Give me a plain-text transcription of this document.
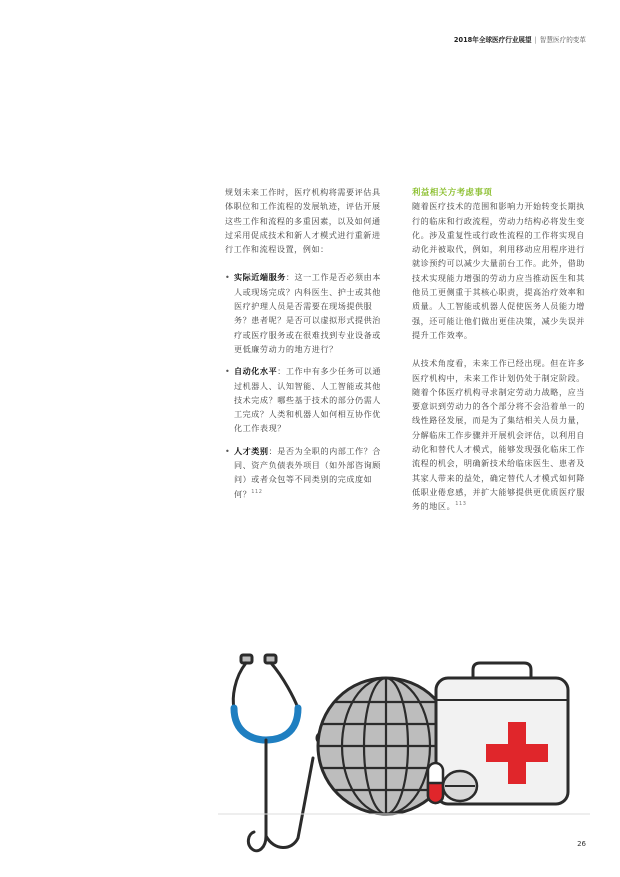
2018年全球医疗行业展望 | 智慧医疗的变革

规划未来工作时，医疗机构将需要评估具体职位和工作流程的发展轨迹，评估开展这些工作和流程的多重因素，以及如何通过采用促成技术和新人才模式进行重新进行工作和流程设置，例如：

• 实际近端服务：这一工作是否必须由本人或现场完成？内科医生、护士或其他医疗护理人员是否需要在现场提供服务？患者呢？是否可以虚拟形式提供治疗或医疗服务或在很难找到专业设备或更低廉劳动力的地方进行？
• 自动化水平：工作中有多少任务可以通过机器人、认知智能、人工智能或其他技术完成？哪些基于技术的部分仍需人工完成？人类和机器人如何相互协作优化工作表现？
• 人才类别：是否为全职的内部工作？合同、资产负债表外项目（如外部咨询顾问）或者众包等不同类别的完成度如何？$^{112}$
利益相关方考虑事项

随着医疗技术的范围和影响力开始转变长期执行的临床和行政流程，劳动力结构必将发生变化。涉及重复性或行政性流程的工作将实现自动化并被取代，例如，利用移动应用程序进行就诊预约可以减少大量前台工作。此外，借助技术实现能力增强的劳动力应当推动医生和其他员工更侧重于其核心职责，提高治疗效率和质量。人工智能或机器人促使医务人员能力增强，还可能让他们做出更佳决策，减少失误并提升工作效率。

从技术角度看，未来工作已经出现。但在许多医疗机构中，未来工作计划仍处于制定阶段。随着个体医疗机构寻求制定劳动力战略，应当要意识到劳动力的各个部分将不会沿着单一的线性路径发展，而是为了集结相关人员力量，分解临床工作步骤并开展机会评估，以利用自动化和替代人才模式，能够发现强化临床工作流程的机会，明确新技术给临床医生、患者及其家人带来的益处，确定替代人才模式如何降低职业倦怠感，并扩大能够提供更优质医疗服务的地区。$^{113}$

26
